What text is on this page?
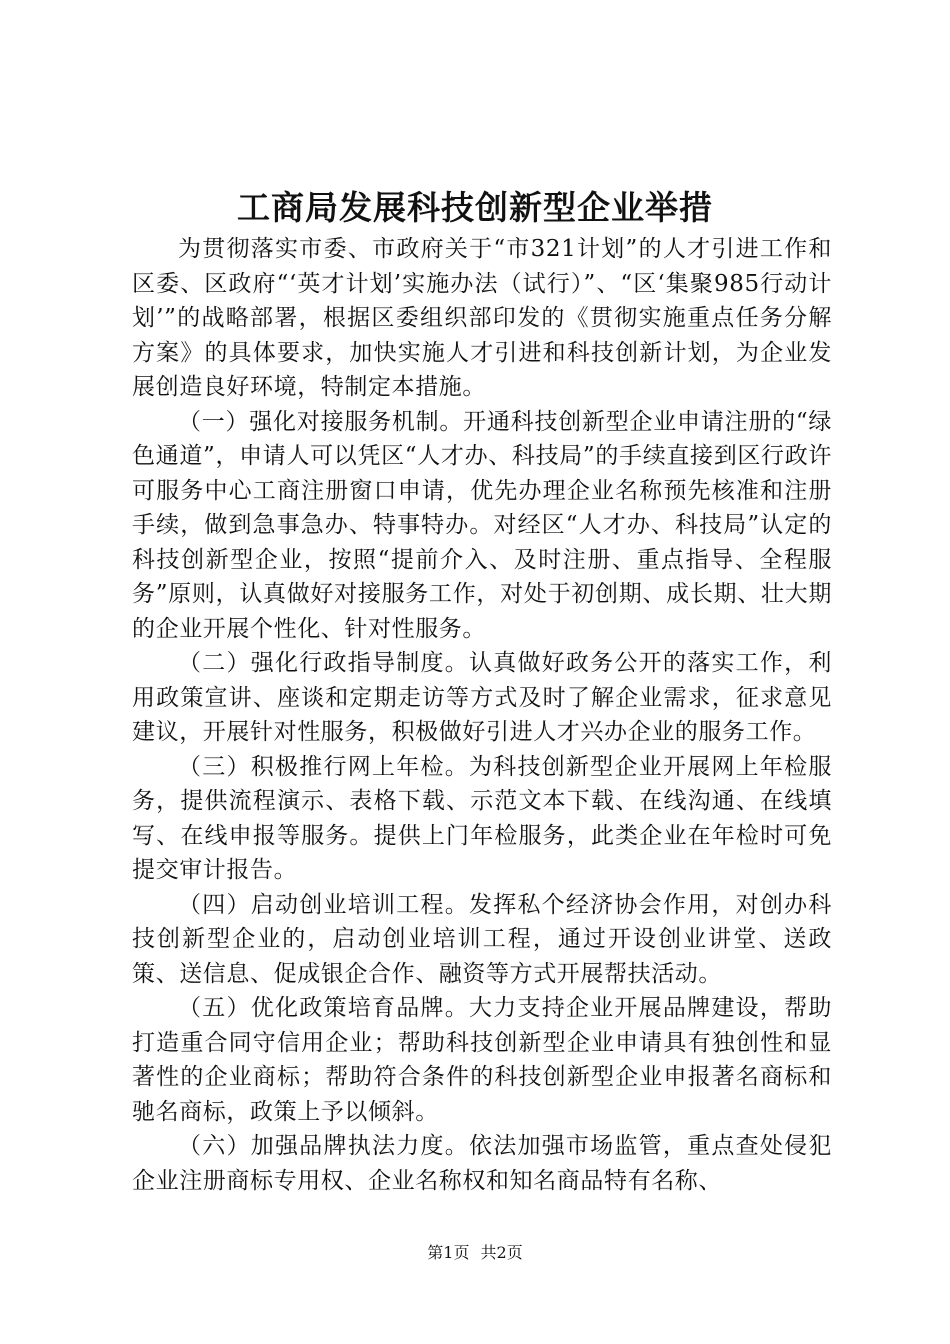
工商局发展科技创新型企业举措

为贯彻落实市委、市政府关于“市321计划”的人才引进工作和区委、区政府“‘英才计划’实施办法（试行）”、“区‘集聚985行动计划’”的战略部署，根据区委组织部印发的《贯彻实施重点任务分解方案》的具体要求，加快实施人才引进和科技创新计划，为企业发展创造良好环境，特制定本措施。

（一）强化对接服务机制。开通科技创新型企业申请注册的“绿色通道”，申请人可以凭区“人才办、科技局”的手续直接到区行政许可服务中心工商注册窗口申请，优先办理企业名称预先核准和注册手续，做到急事急办、特事特办。对经区“人才办、科技局”认定的科技创新型企业，按照“提前介入、及时注册、重点指导、全程服务”原则，认真做好对接服务工作，对处于初创期、成长期、壮大期的企业开展个性化、针对性服务。

（二）强化行政指导制度。认真做好政务公开的落实工作，利用政策宣讲、座谈和定期走访等方式及时了解企业需求，征求意见建议，开展针对性服务，积极做好引进人才兴办企业的服务工作。

（三）积极推行网上年检。为科技创新型企业开展网上年检服务，提供流程演示、表格下载、示范文本下载、在线沟通、在线填写、在线申报等服务。提供上门年检服务，此类企业在年检时可免提交审计报告。

（四）启动创业培训工程。发挥私个经济协会作用，对创办科技创新型企业的，启动创业培训工程，通过开设创业讲堂、送政策、送信息、促成银企合作、融资等方式开展帮扶活动。

（五）优化政策培育品牌。大力支持企业开展品牌建设，帮助打造重合同守信用企业；帮助科技创新型企业申请具有独创性和显著性的企业商标；帮助符合条件的科技创新型企业申报著名商标和驰名商标，政策上予以倾斜。

（六）加强品牌执法力度。依法加强市场监管，重点查处侵犯企业注册商标专用权、企业名称权和知名商品特有名称、

第1页 共2页
